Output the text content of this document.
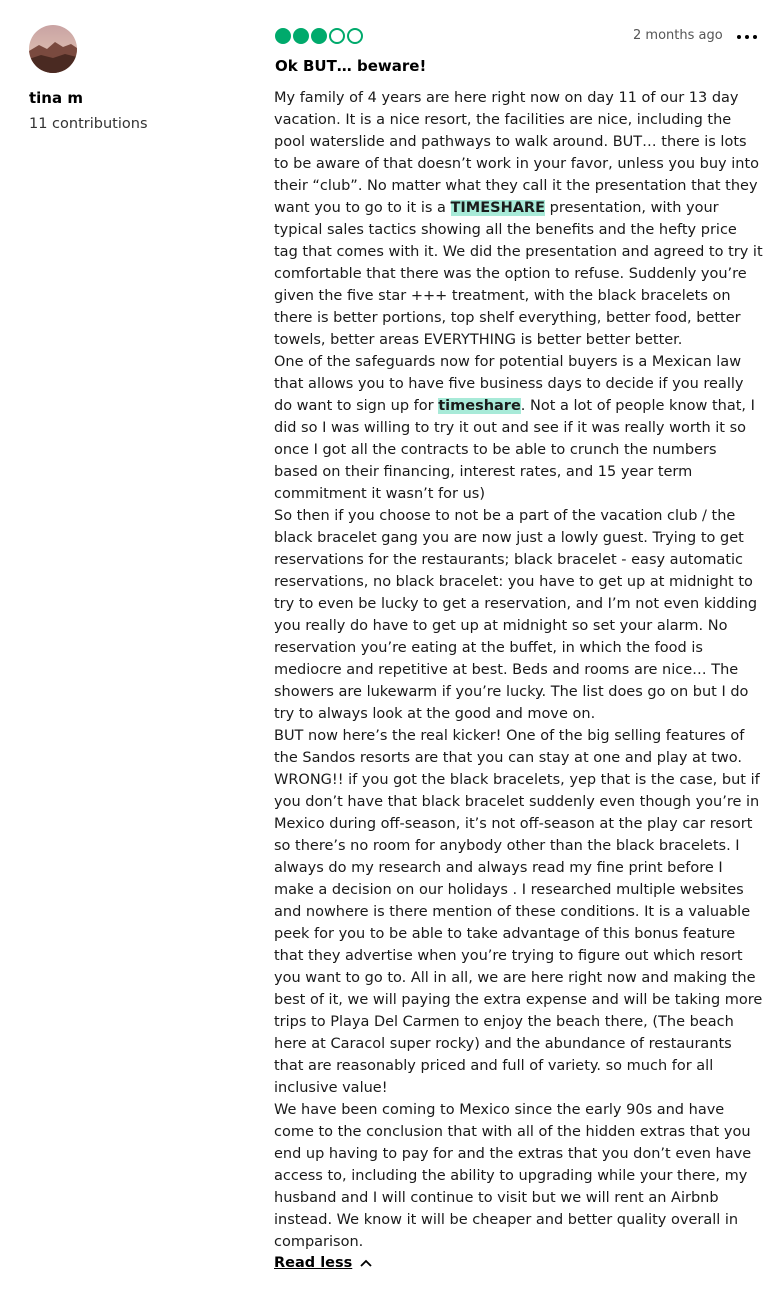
tina m
11 contributions
2 months ago
Ok BUT… beware!

My family of 4 years are here right now on day 11 of our 13 day vacation. It is a nice resort, the facilities are nice, including the pool waterslide and pathways to walk around. BUT… there is lots to be aware of that doesn’t work in your favor, unless you buy into their “club”. No matter what they call it the presentation that they want you to go to it is a TIMESHARE presentation, with your typical sales tactics showing all the benefits and the hefty price tag that comes with it. We did the presentation and agreed to try it comfortable that there was the option to refuse. Suddenly you’re given the five star +++ treatment, with the black bracelets on there is better portions, top shelf everything, better food, better towels, better areas EVERYTHING is better better better.

One of the safeguards now for potential buyers is a Mexican law that allows you to have five business days to decide if you really do want to sign up for timeshare. Not a lot of people know that, I did so I was willing to try it out and see if it was really worth it so once I got all the contracts to be able to crunch the numbers based on their financing, interest rates, and 15 year term commitment it wasn’t for us)

So then if you choose to not be a part of the vacation club / the black bracelet gang you are now just a lowly guest. Trying to get reservations for the restaurants; black bracelet - easy automatic reservations, no black bracelet: you have to get up at midnight to try to even be lucky to get a reservation, and I’m not even kidding you really do have to get up at midnight so set your alarm. No reservation you’re eating at the buffet, in which the food is mediocre and repetitive at best. Beds and rooms are nice… The showers are lukewarm if you’re lucky. The list does go on but I do try to always look at the good and move on.

BUT now here’s the real kicker! One of the big selling features of the Sandos resorts are that you can stay at one and play at two. WRONG!! if you got the black bracelets, yep that is the case, but if you don’t have that black bracelet suddenly even though you’re in Mexico during off-season, it’s not off-season at the play car resort so there’s no room for anybody other than the black bracelets. I always do my research and always read my fine print before I make a decision on our holidays . I researched multiple websites and nowhere is there mention of these conditions. It is a valuable peek for you to be able to take advantage of this bonus feature that they advertise when you’re trying to figure out which resort you want to go to. All in all, we are here right now and making the best of it, we will paying the extra expense and will be taking more trips to Playa Del Carmen to enjoy the beach there, (The beach here at Caracol super rocky) and the abundance of restaurants that are reasonably priced and full of variety. so much for all inclusive value!

We have been coming to Mexico since the early 90s and have come to the conclusion that with all of the hidden extras that you end up having to pay for and the extras that you don’t even have access to, including the ability to upgrading while your there, my husband and I will continue to visit but we will rent an Airbnb instead. We know it will be cheaper and better quality overall in comparison.

Read less
